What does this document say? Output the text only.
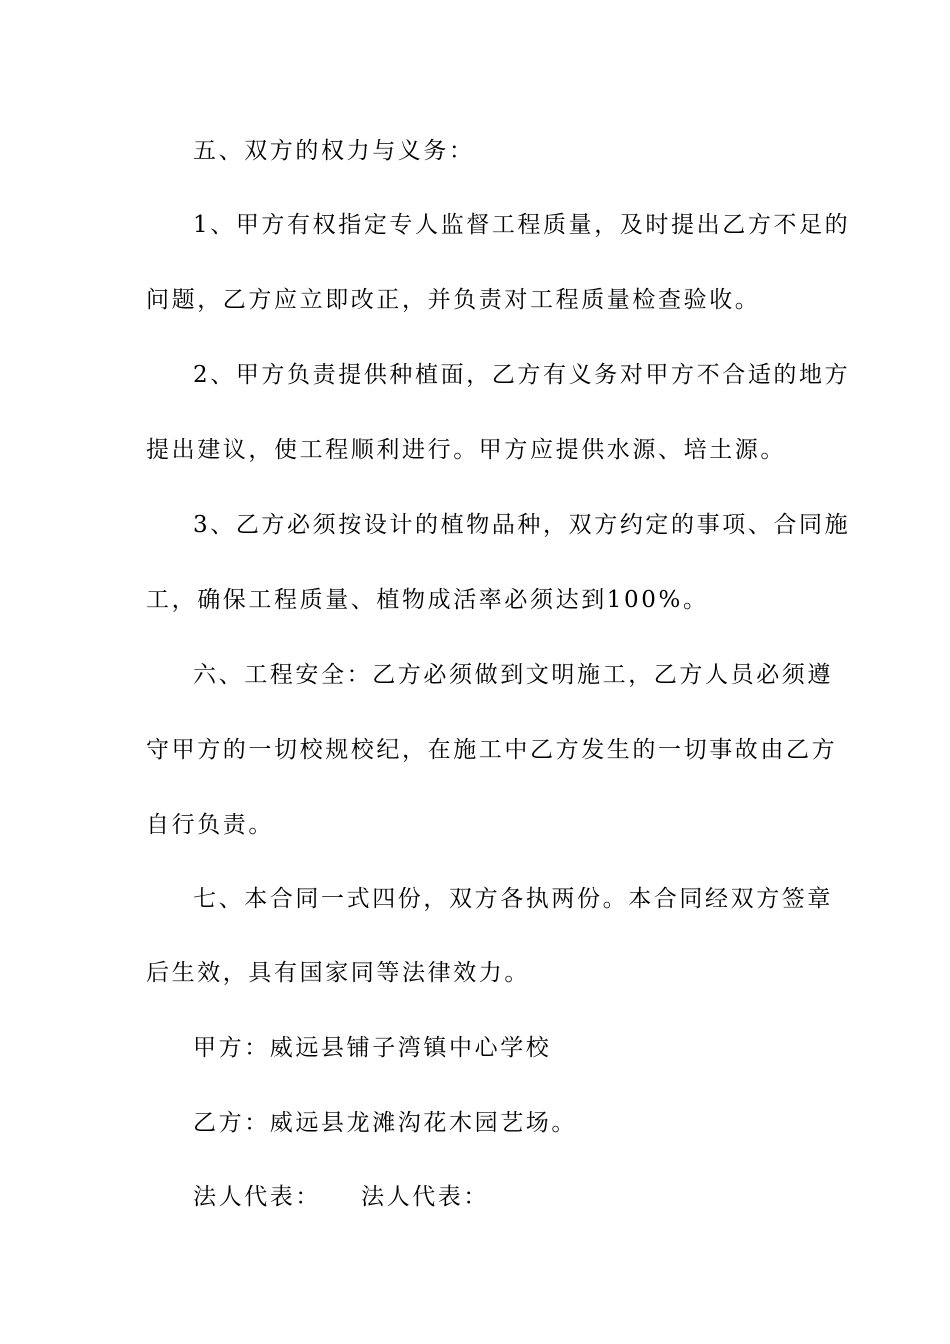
五、双方的权力与义务：
1、甲方有权指定专人监督工程质量，及时提出乙方不足的
问题，乙方应立即改正，并负责对工程质量检查验收。
2、甲方负责提供种植面，乙方有义务对甲方不合适的地方
提出建议，使工程顺利进行。甲方应提供水源、培土源。
3、乙方必须按设计的植物品种，双方约定的事项、合同施
工，确保工程质量、植物成活率必须达到100%。
六、工程安全：乙方必须做到文明施工，乙方人员必须遵
守甲方的一切校规校纪，在施工中乙方发生的一切事故由乙方
自行负责。
七、本合同一式四份，双方各执两份。本合同经双方签章
后生效，具有国家同等法律效力。
甲方：威远县铺子湾镇中心学校
乙方：威远县龙滩沟花木园艺场。
法人代表： 法人代表：
